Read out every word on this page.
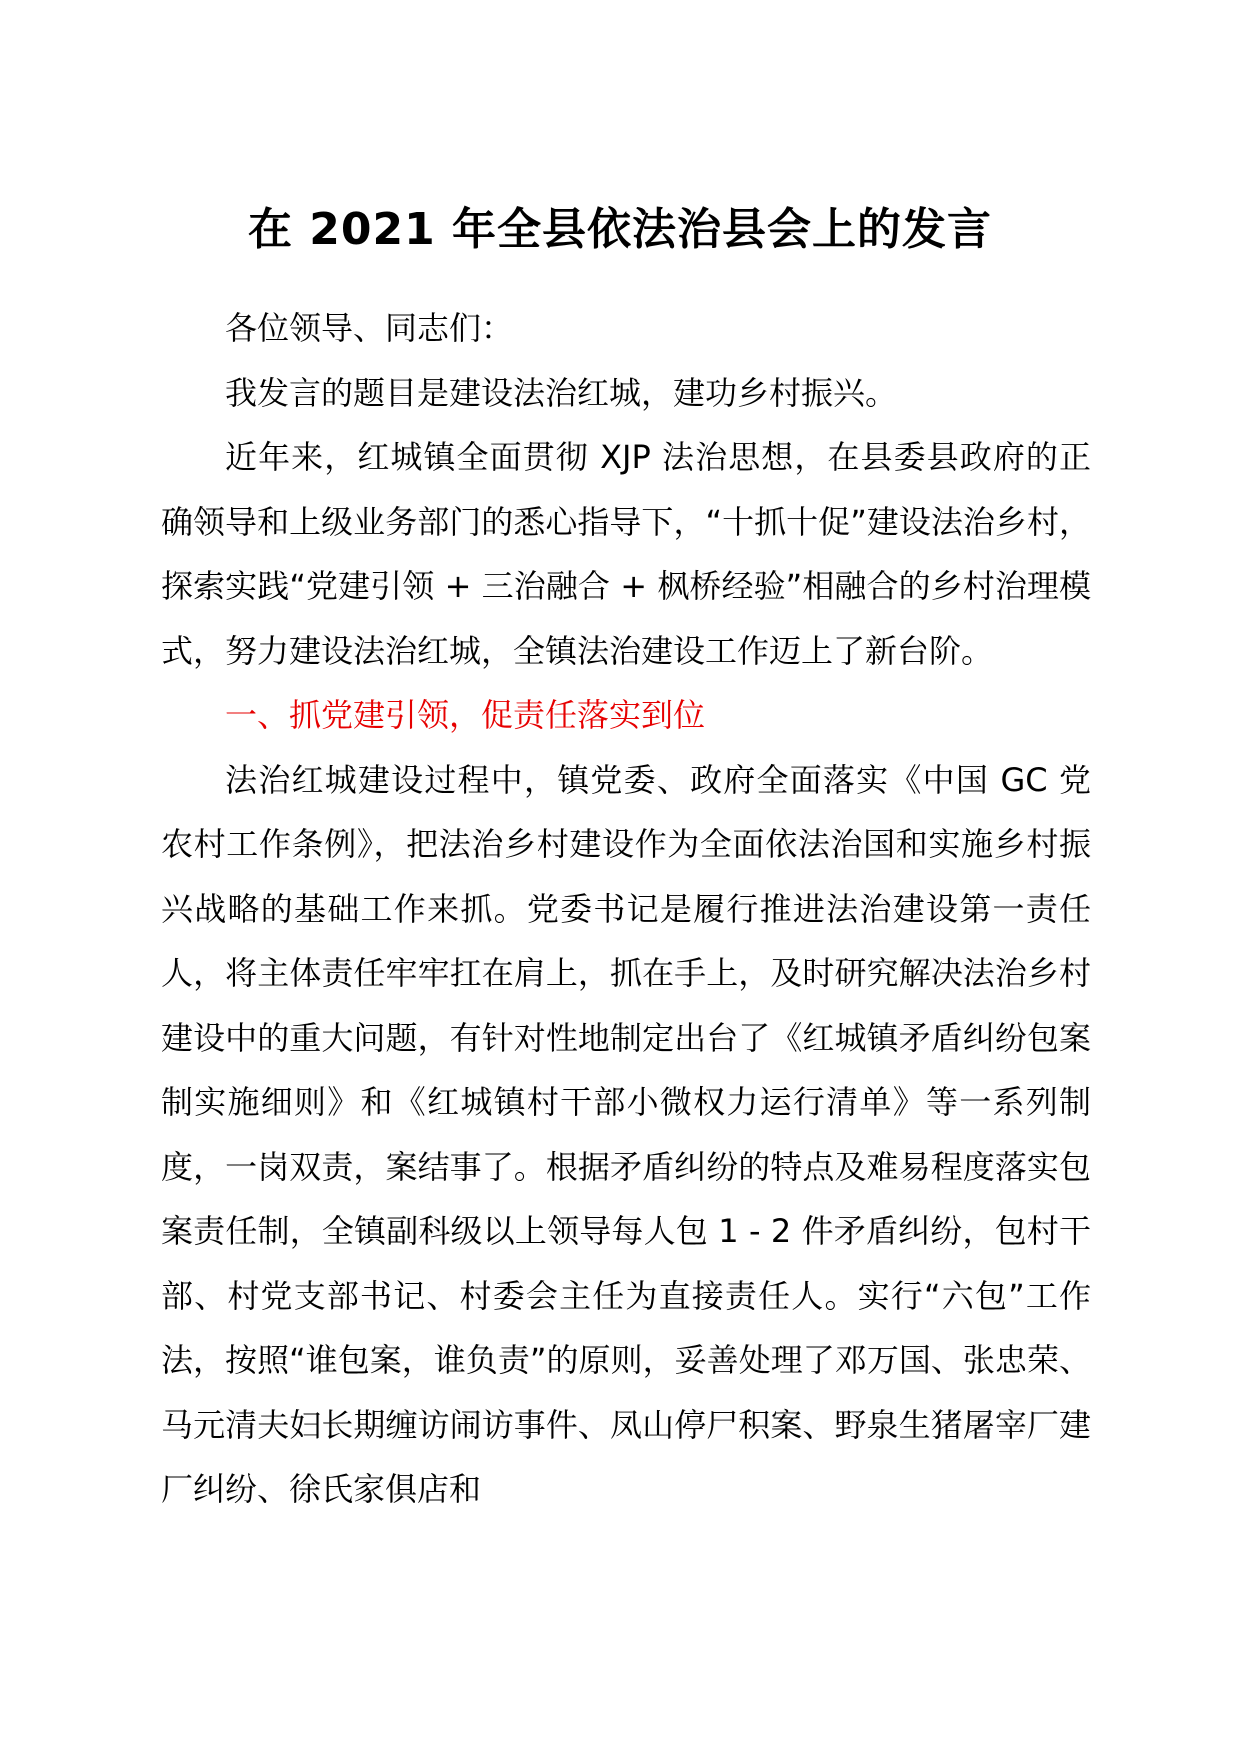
在 2021 年全县依法治县会上的发言

各位领导、同志们：

我发言的题目是建设法治红城，建功乡村振兴。

近年来，红城镇全面贯彻 XJP 法治思想，在县委县政府的正确领导和上级业务部门的悉心指导下，“十抓十促”建设法治乡村，探索实践“党建引领 + 三治融合 + 枫桥经验”相融合的乡村治理模式，努力建设法治红城，全镇法治建设工作迈上了新台阶。

一、抓党建引领，促责任落实到位

法治红城建设过程中，镇党委、政府全面落实《中国 GC 党农村工作条例》，把法治乡村建设作为全面依法治国和实施乡村振兴战略的基础工作来抓。党委书记是履行推进法治建设第一责任人，将主体责任牢牢扛在肩上，抓在手上，及时研究解决法治乡村建设中的重大问题，有针对性地制定出台了《红城镇矛盾纠纷包案制实施细则》和《红城镇村干部小微权力运行清单》等一系列制度，一岗双责，案结事了。根据矛盾纠纷的特点及难易程度落实包案责任制，全镇副科级以上领导每人包 1 - 2 件矛盾纠纷，包村干部、村党支部书记、村委会主任为直接责任人。实行“六包”工作法，按照“谁包案，谁负责”的原则，妥善处理了邓万国、张忠荣、马元清夫妇长期缠访闹访事件、凤山停尸积案、野泉生猪屠宰厂建厂纠纷、徐氏家俱店和
